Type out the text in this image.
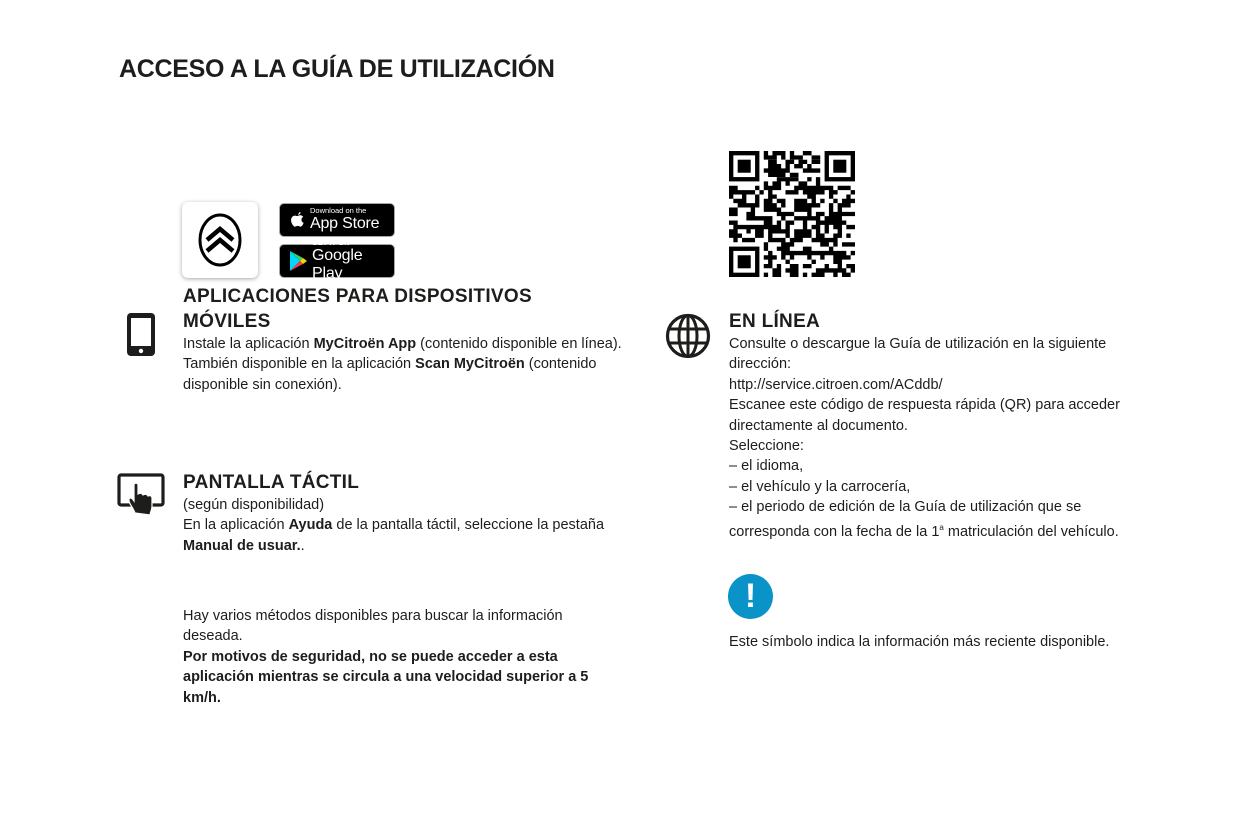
ACCESO A LA GUÍA DE UTILIZACIÓN
Download on the
App Store
GET IT ON
Google Play
APLICACIONES PARA DISPOSITIVOS
MÓVILES
Instale la aplicación MyCitroën App (contenido disponible en línea).
También disponible en la aplicación Scan MyCitroën (contenido disponible sin conexión).
PANTALLA TÁCTIL
(según disponibilidad)
En la aplicación Ayuda de la pantalla táctil, seleccione la pestaña Manual de usuar..
Hay varios métodos disponibles para buscar la información deseada.
Por motivos de seguridad, no se puede acceder a esta aplicación mientras se circula a una velocidad superior a 5 km/h.
EN LÍNEA
Consulte o descargue la Guía de utilización en la siguiente dirección:
http://service.citroen.com/ACddb/
Escanee este código de respuesta rápida (QR) para acceder directamente al documento.
Seleccione:
– el idioma,
– el vehículo y la carrocería,
– el periodo de edición de la Guía de utilización que se corresponda con la fecha de la 1$^a$ matriculación del vehículo.
!
Este símbolo indica la información más reciente disponible.
